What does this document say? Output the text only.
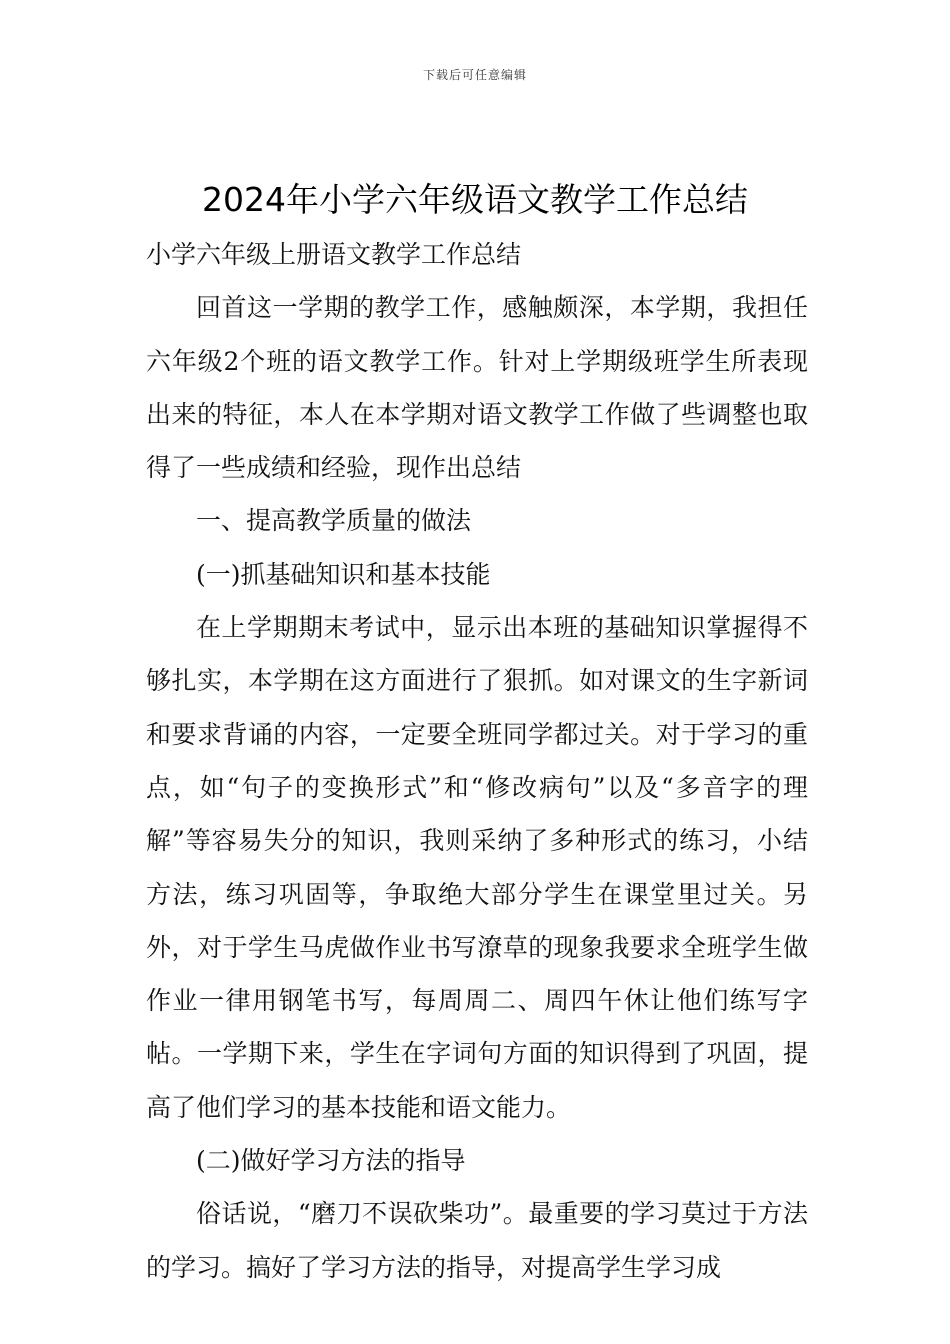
下载后可任意编辑
2024年小学六年级语文教学工作总结

小学六年级上册语文教学工作总结

回首这一学期的教学工作，感触颇深，本学期，我担任六年级2个班的语文教学工作。针对上学期级班学生所表现出来的特征，本人在本学期对语文教学工作做了些调整也取得了一些成绩和经验，现作出总结

一、提高教学质量的做法

(一)抓基础知识和基本技能

在上学期期末考试中，显示出本班的基础知识掌握得不够扎实，本学期在这方面进行了狠抓。如对课文的生字新词和要求背诵的内容，一定要全班同学都过关。对于学习的重点，如“句子的变换形式”和“修改病句”以及“多音字的理解”等容易失分的知识，我则采纳了多种形式的练习，小结方法，练习巩固等，争取绝大部分学生在课堂里过关。另外，对于学生马虎做作业书写潦草的现象我要求全班学生做作业一律用钢笔书写，每周周二、周四午休让他们练写字帖。一学期下来，学生在字词句方面的知识得到了巩固，提高了他们学习的基本技能和语文能力。

(二)做好学习方法的指导

俗话说，“磨刀不误砍柴功”。最重要的学习莫过于方法的学习。搞好了学习方法的指导，对提高学生学习成
